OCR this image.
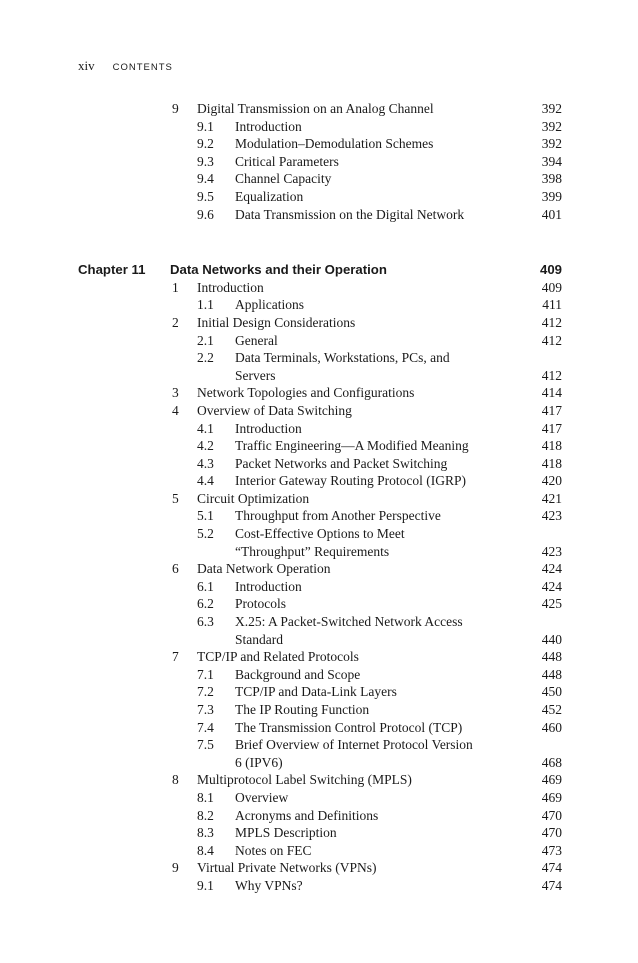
xiv CONTENTS
9	Digital Transmission on an Analog Channel	392
9.1	Introduction	392
9.2	Modulation–Demodulation Schemes	392
9.3	Critical Parameters	394
9.4	Channel Capacity	398
9.5	Equalization	399
9.6	Data Transmission on the Digital Network	401
Chapter 11	Data Networks and their Operation	409
1	Introduction	409
1.1	Applications	411
2	Initial Design Considerations	412
2.1	General	412
2.2	Data Terminals, Workstations, PCs, and
Servers	412
3	Network Topologies and Configurations	414
4	Overview of Data Switching	417
4.1	Introduction	417
4.2	Traffic Engineering—A Modified Meaning	418
4.3	Packet Networks and Packet Switching	418
4.4	Interior Gateway Routing Protocol (IGRP)	420
5	Circuit Optimization	421
5.1	Throughput from Another Perspective	423
5.2	Cost-Effective Options to Meet
“Throughput” Requirements	423
6	Data Network Operation	424
6.1	Introduction	424
6.2	Protocols	425
6.3	X.25: A Packet-Switched Network Access
Standard	440
7	TCP/IP and Related Protocols	448
7.1	Background and Scope	448
7.2	TCP/IP and Data-Link Layers	450
7.3	The IP Routing Function	452
7.4	The Transmission Control Protocol (TCP)	460
7.5	Brief Overview of Internet Protocol Version
6 (IPV6)	468
8	Multiprotocol Label Switching (MPLS)	469
8.1	Overview	469
8.2	Acronyms and Definitions	470
8.3	MPLS Description	470
8.4	Notes on FEC	473
9	Virtual Private Networks (VPNs)	474
9.1	Why VPNs?	474
